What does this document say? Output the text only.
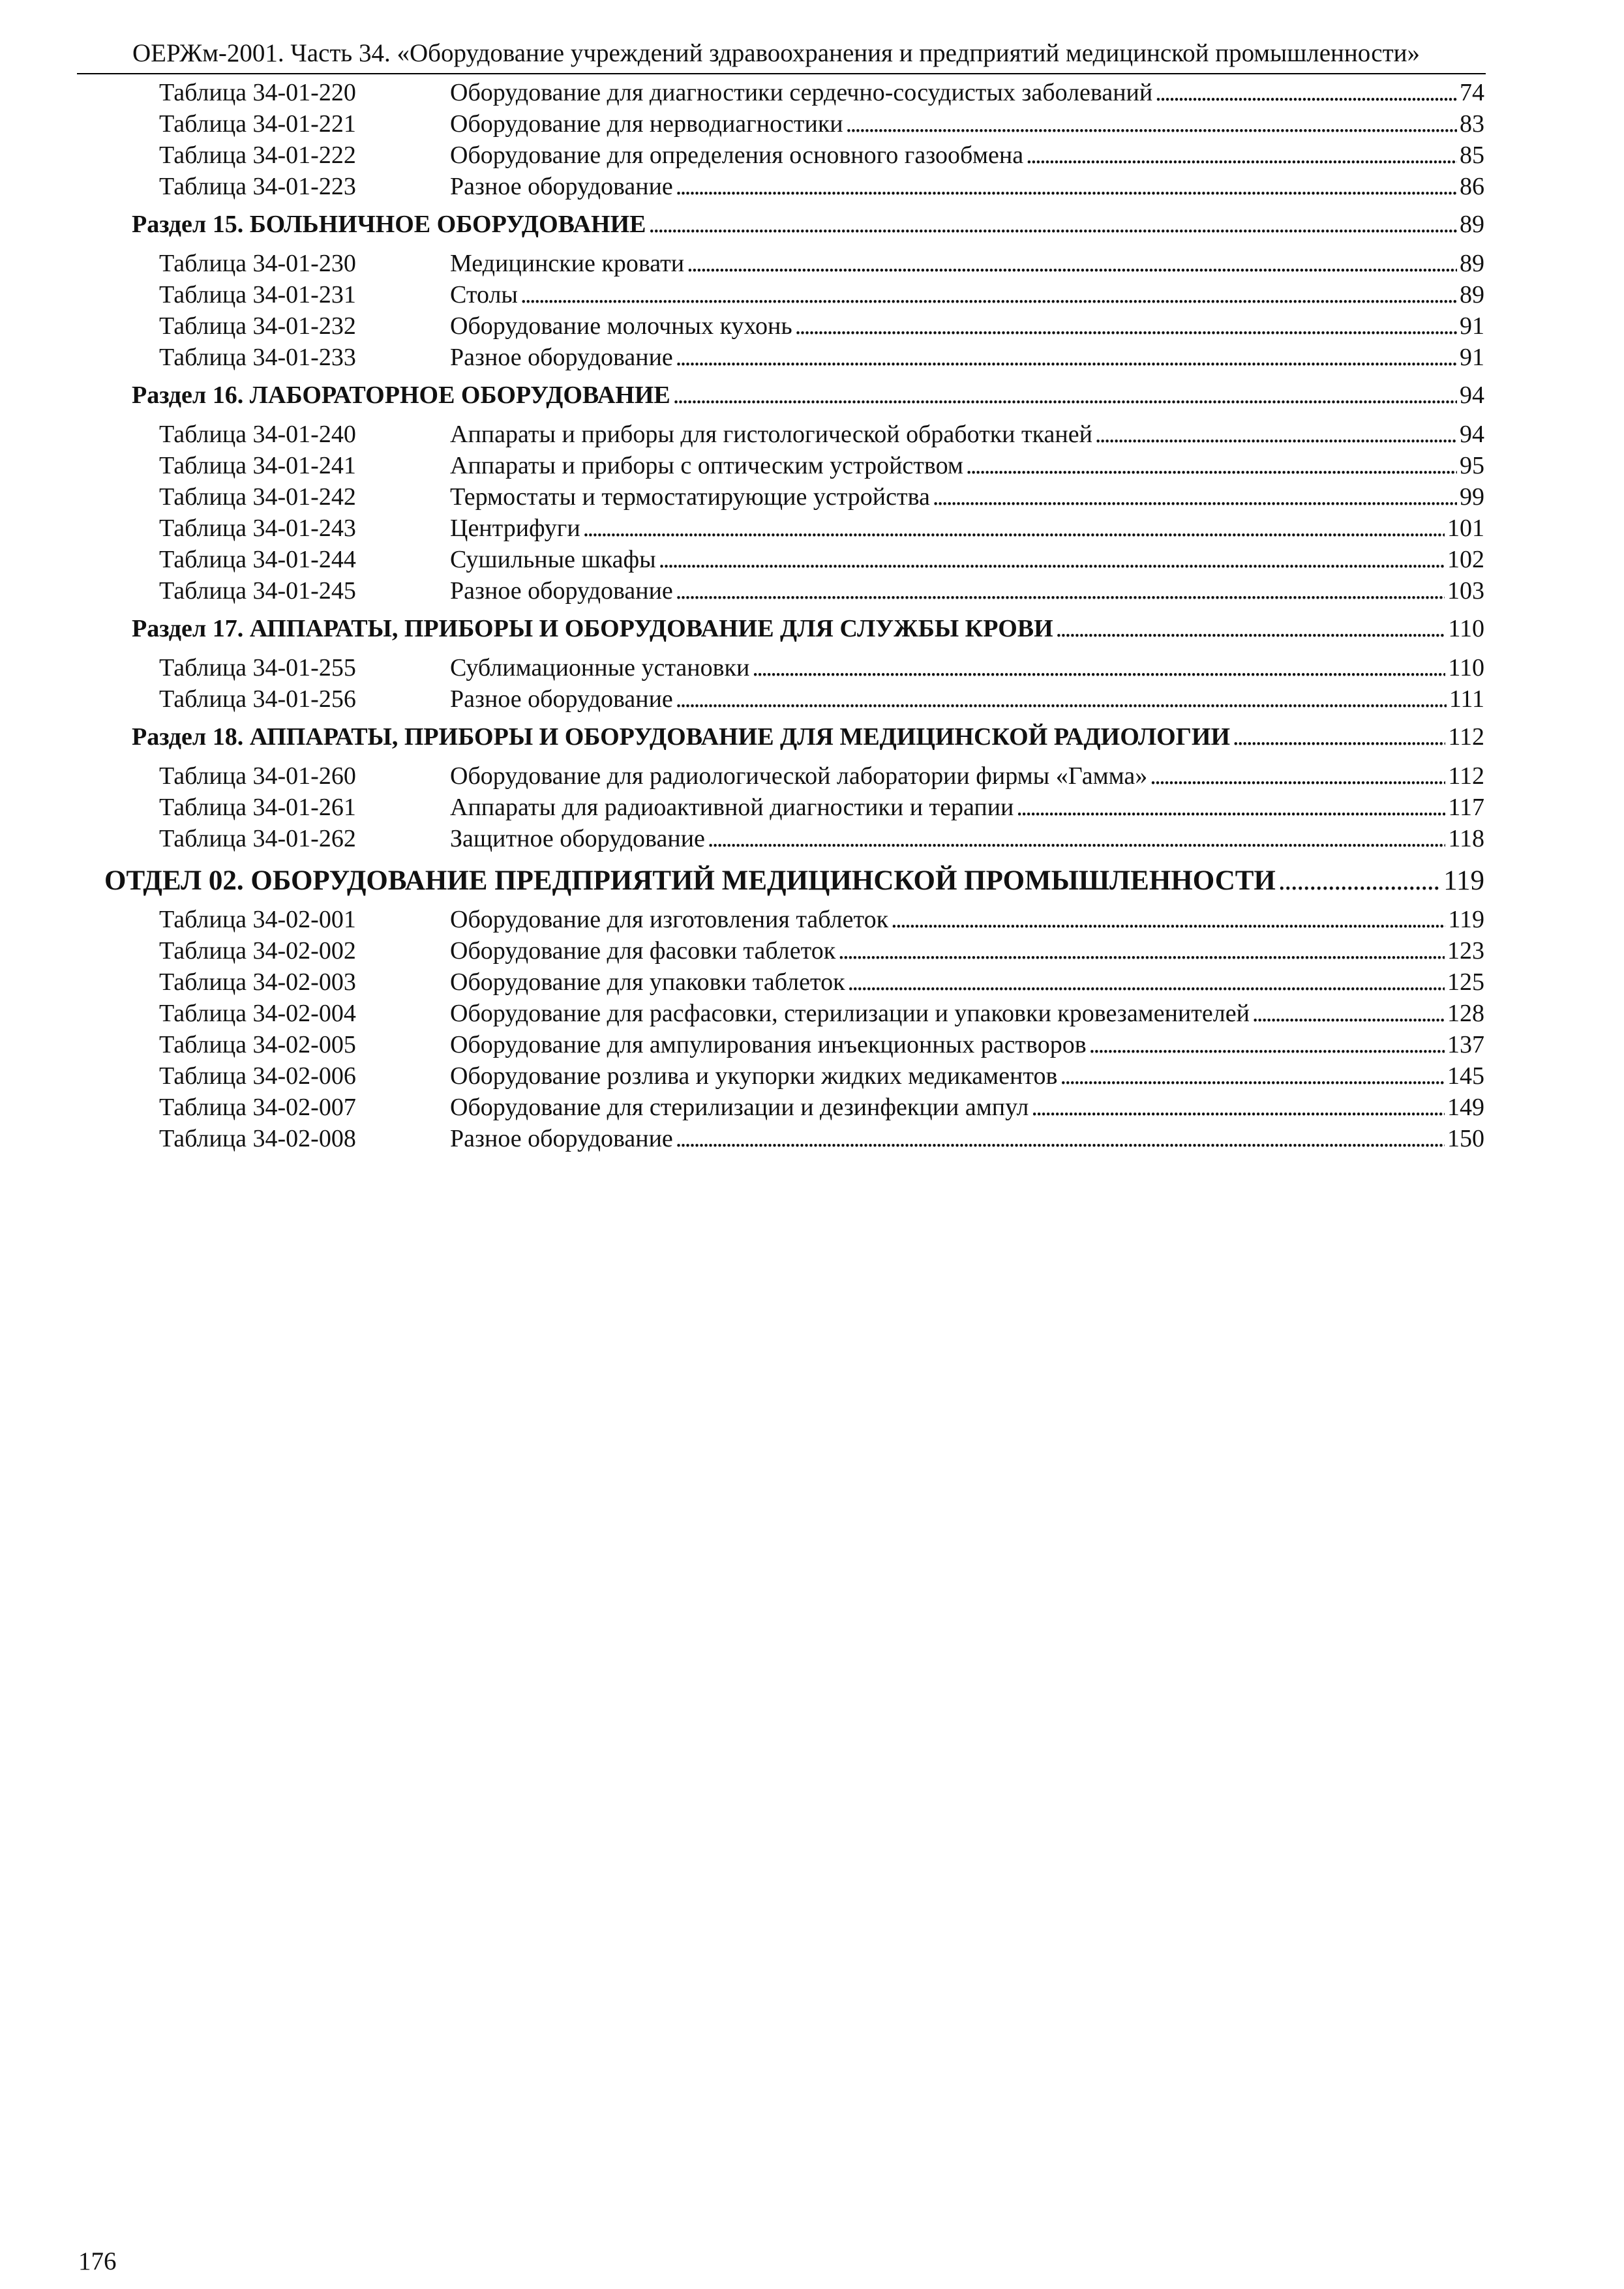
ОЕРЖм-2001. Часть 34. «Оборудование учреждений здравоохранения и предприятий медицинской промышленности»
Таблица 34-01-220	Оборудование для диагностики сердечно-сосудистых заболеваний . . .	74
Таблица 34-01-221	Оборудование для нерводиагностики . . .	83
Таблица 34-01-222	Оборудование для определения основного газообмена . . .	85
Таблица 34-01-223	Разное оборудование . . .	86
Раздел 15. БОЛЬНИЧНОЕ ОБОРУДОВАНИЕ . . .	89
Таблица 34-01-230	Медицинские кровати . . .	89
Таблица 34-01-231	Столы . . .	89
Таблица 34-01-232	Оборудование молочных кухонь . . .	91
Таблица 34-01-233	Разное оборудование . . .	91
Раздел 16. ЛАБОРАТОРНОЕ ОБОРУДОВАНИЕ . . .	94
Таблица 34-01-240	Аппараты и приборы для гистологической обработки тканей . . .	94
Таблица 34-01-241	Аппараты и приборы с оптическим устройством . . .	95
Таблица 34-01-242	Термостаты и термостатирующие устройства . . .	99
Таблица 34-01-243	Центрифуги . . .	101
Таблица 34-01-244	Сушильные шкафы . . .	102
Таблица 34-01-245	Разное оборудование . . .	103
Раздел 17. АППАРАТЫ, ПРИБОРЫ И ОБОРУДОВАНИЕ ДЛЯ СЛУЖБЫ КРОВИ . . .	110
Таблица 34-01-255	Сублимационные установки . . .	110
Таблица 34-01-256	Разное оборудование . . .	111
Раздел 18. АППАРАТЫ, ПРИБОРЫ И ОБОРУДОВАНИЕ ДЛЯ МЕДИЦИНСКОЙ РАДИОЛОГИИ . . .	112
Таблица 34-01-260	Оборудование для радиологической лаборатории фирмы «Гамма» . . .	112
Таблица 34-01-261	Аппараты для радиоактивной диагностики и терапии . . .	117
Таблица 34-01-262	Защитное оборудование . . .	118
ОТДЕЛ 02. ОБОРУДОВАНИЕ ПРЕДПРИЯТИЙ МЕДИЦИНСКОЙ ПРОМЫШЛЕННОСТИ . . .	119
Таблица 34-02-001	Оборудование для изготовления таблеток . . .	119
Таблица 34-02-002	Оборудование для фасовки таблеток . . .	123
Таблица 34-02-003	Оборудование для упаковки таблеток . . .	125
Таблица 34-02-004	Оборудование для расфасовки, стерилизации и упаковки кровезаменителей . . .	128
Таблица 34-02-005	Оборудование для ампулирования инъекционных растворов . . .	137
Таблица 34-02-006	Оборудование розлива и укупорки жидких медикаментов . . .	145
Таблица 34-02-007	Оборудование для стерилизации и дезинфекции ампул . . .	149
Таблица 34-02-008	Разное оборудование . . .	150
176
